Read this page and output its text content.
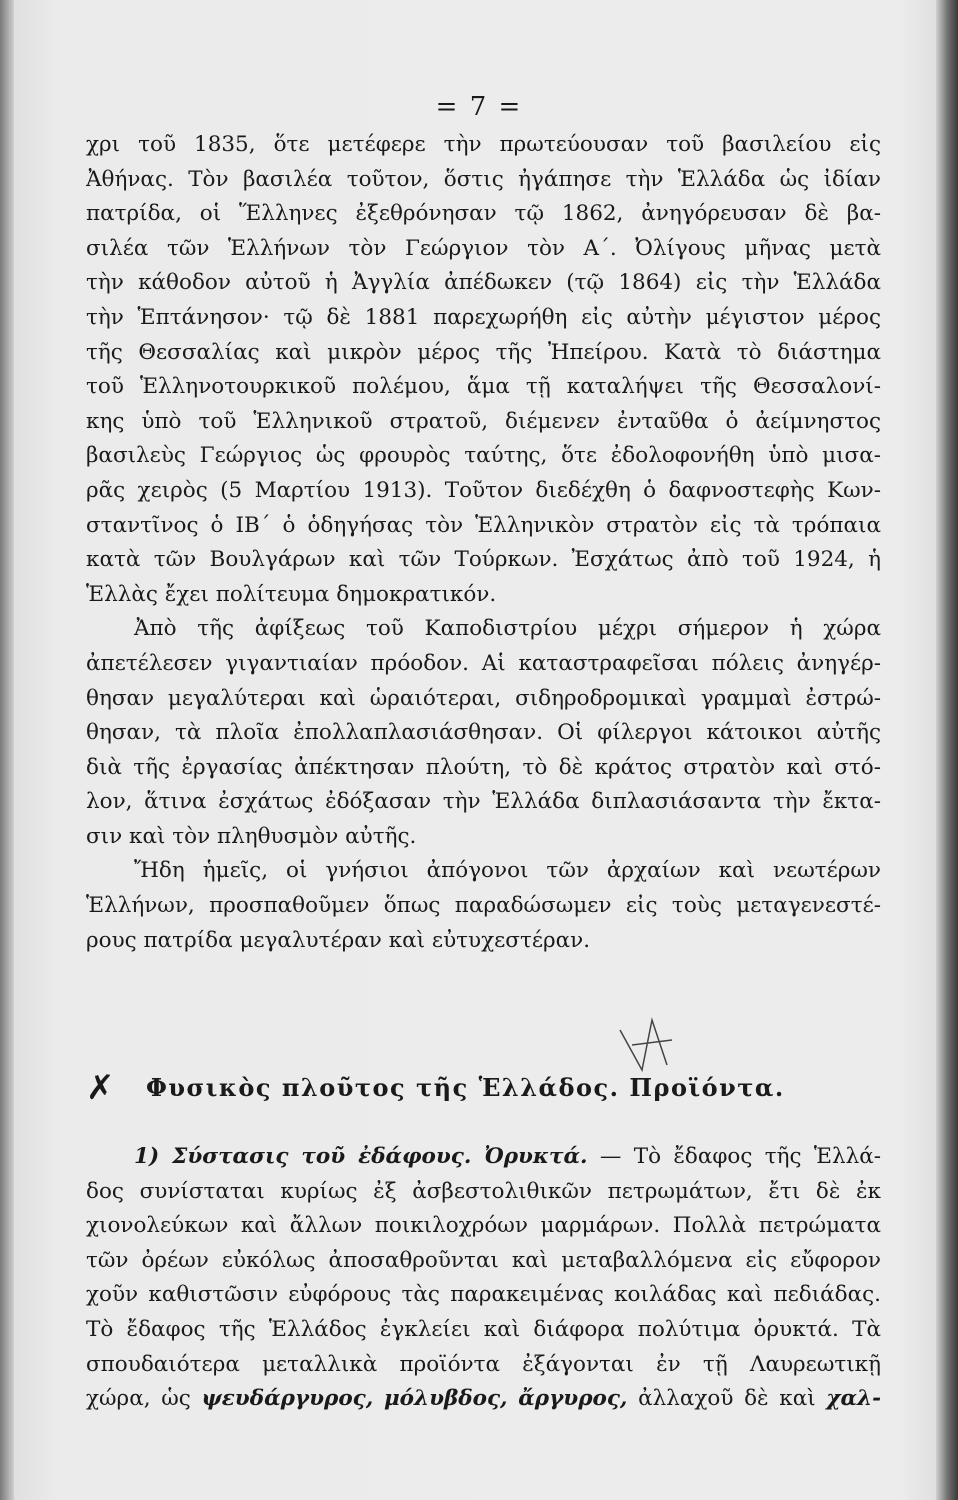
= 7 =
χρι τοῦ 1835, ὅτε μετέφερε τὴν πρωτεύουσαν τοῦ βασιλείου εἰς
Ἀθήνας. Τὸν βασιλέα τοῦτον, ὅστις ἠγάπησε τὴν Ἑλλάδα ὡς ἰδίαν
πατρίδα, οἱ Ἕλληνες ἐξεθρόνησαν τῷ 1862, ἀνηγόρευσαν δὲ βα-
σιλέα τῶν Ἑλλήνων τὸν Γεώργιον τὸν Α΄. Ὀλίγους μῆνας μετὰ
τὴν κάθοδον αὐτοῦ ἡ Ἀγγλία ἀπέδωκεν (τῷ 1864) εἰς τὴν Ἑλλάδα
τὴν Ἑπτάνησον· τῷ δὲ 1881 παρεχωρήθη εἰς αὐτὴν μέγιστον μέρος
τῆς Θεσσαλίας καὶ μικρὸν μέρος τῆς Ἠπείρου. Κατὰ τὸ διάστημα
τοῦ Ἑλληνοτουρκικοῦ πολέμου, ἅμα τῇ καταλήψει τῆς Θεσσαλονί-
κης ὑπὸ τοῦ Ἑλληνικοῦ στρατοῦ, διέμενεν ἐνταῦθα ὁ ἀείμνηστος
βασιλεὺς Γεώργιος ὡς φρουρὸς ταύτης, ὅτε ἐδολοφονήθη ὑπὸ μισα-
ρᾶς χειρὸς (5 Μαρτίου 1913). Τοῦτον διεδέχθη ὁ δαφνοστεφὴς Κων-
σταντῖνος ὁ ΙΒ΄ ὁ ὁδηγήσας τὸν Ἑλληνικὸν στρατὸν εἰς τὰ τρόπαια
κατὰ τῶν Βουλγάρων καὶ τῶν Τούρκων. Ἐσχάτως ἀπὸ τοῦ 1924, ἡ
Ἑλλὰς ἔχει πολίτευμα δημοκρατικόν.
Ἀπὸ τῆς ἀφίξεως τοῦ Καποδιστρίου μέχρι σήμερον ἡ χώρα
ἀπετέλεσεν γιγαντιαίαν πρόοδον. Αἱ καταστραφεῖσαι πόλεις ἀνηγέρ-
θησαν μεγαλύτεραι καὶ ὡραιότεραι, σιδηροδρομικαὶ γραμμαὶ ἐστρώ-
θησαν, τὰ πλοῖα ἐπολλαπλασιάσθησαν. Οἱ φίλεργοι κάτοικοι αὐτῆς
διὰ τῆς ἐργασίας ἀπέκτησαν πλούτη, τὸ δὲ κράτος στρατὸν καὶ στό-
λον, ἅτινα ἐσχάτως ἐδόξασαν τὴν Ἑλλάδα διπλασιάσαντα τὴν ἔκτα-
σιν καὶ τὸν πληθυσμὸν αὐτῆς.
Ἤδη ἡμεῖς, οἱ γνήσιοι ἀπόγονοι τῶν ἀρχαίων καὶ νεωτέρων
Ἑλλήνων, προσπαθοῦμεν ὅπως παραδώσωμεν εἰς τοὺς μεταγενεστέ-
ρους πατρίδα μεγαλυτέραν καὶ εὐτυχεστέραν.
✗ Φυσικὸς πλοῦτος τῆς Ἑλλάδος. Προϊόντα.
1) Σύστασις τοῦ ἐδάφους. Ὀρυκτά. — Τὸ ἔδαφος τῆς Ἑλλά-
δος συνίσταται κυρίως ἐξ ἀσβεστολιθικῶν πετρωμάτων, ἔτι δὲ ἐκ
χιονολεύκων καὶ ἄλλων ποικιλοχρόων μαρμάρων. Πολλὰ πετρώματα
τῶν ὀρέων εὐκόλως ἀποσαθροῦνται καὶ μεταβαλλόμενα εἰς εὔφορον
χοῦν καθιστῶσιν εὐφόρους τὰς παρακειμένας κοιλάδας καὶ πεδιάδας.
Τὸ ἔδαφος τῆς Ἑλλάδος ἐγκλείει καὶ διάφορα πολύτιμα ὀρυκτά. Τὰ
σπουδαιότερα μεταλλικὰ προϊόντα ἐξάγονται ἐν τῇ Λαυρεωτικῇ
χώρα, ὡς ψευδάργυρος, μόλυβδος, ἄργυρος, ἀλλαχοῦ δὲ καὶ χαλ-
